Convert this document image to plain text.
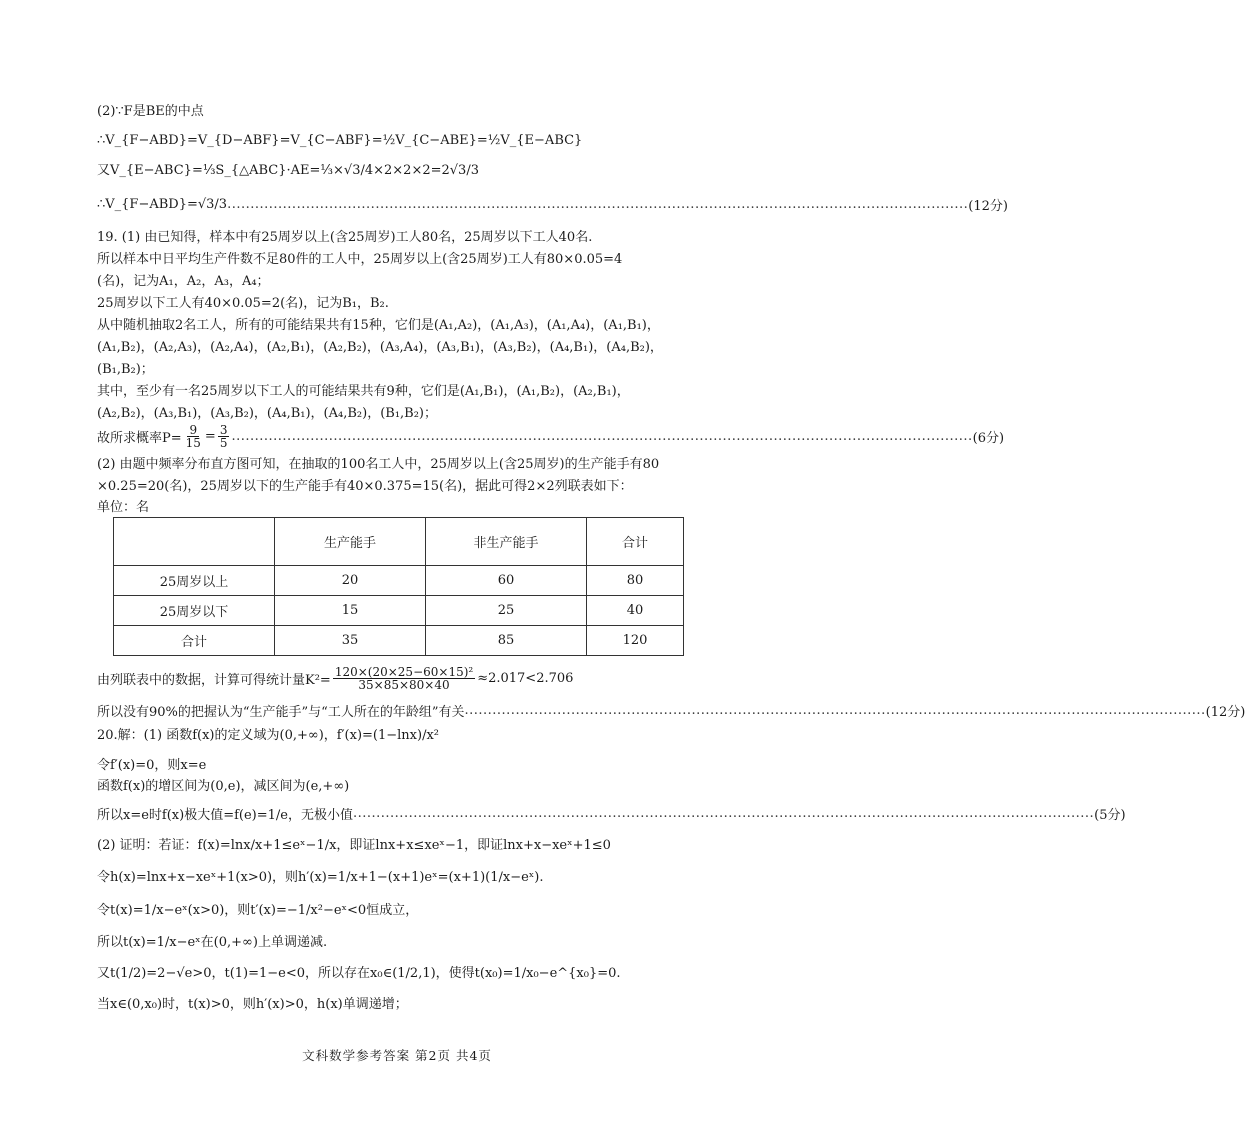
(2)∵F是BE的中点
∴V_{F−ABD}=V_{D−ABF}=V_{C−ABF}=½V_{C−ABE}=½V_{E−ABC}
又V_{E−ABC}=⅓S_{△ABC}·AE=⅓×√3/4×2×2×2=2√3/3
∴V_{F−ABD}=√3/3 ................................................................................................................................................................ (12分)
19. (1) 由已知得，样本中有25周岁以上(含25周岁)工人80名，25周岁以下工人40名.
所以样本中日平均生产件数不足80件的工人中，25周岁以上(含25周岁)工人有80×0.05=4
(名)，记为A₁，A₂，A₃，A₄；
25周岁以下工人有40×0.05=2(名)，记为B₁，B₂.
从中随机抽取2名工人，所有的可能结果共有15种，它们是(A₁,A₂)，(A₁,A₃)，(A₁,A₄)，(A₁,B₁)，
(A₁,B₂)，(A₂,A₃)，(A₂,A₄)，(A₂,B₁)，(A₂,B₂)，(A₃,A₄)，(A₃,B₁)，(A₃,B₂)，(A₄,B₁)，(A₄,B₂)，
(B₁,B₂)；
其中，至少有一名25周岁以下工人的可能结果共有9种，它们是(A₁,B₁)，(A₁,B₂)，(A₂,B₁)，
(A₂,B₂)，(A₃,B₁)，(A₃,B₂)，(A₄,B₁)，(A₄,B₂)，(B₁,B₂)；
故所求概率$P= \frac{9}{15} = \frac{3}{5}$ ................................................................................................................................................................ (6分)
(2) 由题中频率分布直方图可知，在抽取的100名工人中，25周岁以上(含25周岁)的生产能手有80
×0.25=20(名)，25周岁以下的生产能手有40×0.375=15(名)，据此可得2×2列联表如下：
单位：名
	生产能手	非生产能手	合计
25周岁以上	20	60	80
25周岁以下	15	25	40
合计	35	85	120
由列联表中的数据，计算可得统计量$K^2= \frac{\text{120×(20×25−60×15)²}}{35\times 85\times 80\times 40} \approx 2.017<2.706$
所以没有90%的把握认为“生产能手”与“工人所在的年龄组”有关 ................................................................................................................................................................ (12分)
20.解：(1) 函数f(x)的定义域为(0,+∞)，f′(x)=(1−lnx)/x²
令f′(x)=0，则x=e
函数f(x)的增区间为(0,e)，减区间为(e,+∞)
所以x=e时f(x)极大值=f(e)=1/e，无极小值 ................................................................................................................................................................ (5分)
(2) 证明：若证：f(x)=lnx/x+1≤eˣ−1/x，即证lnx+x≤xeˣ−1，即证lnx+x−xeˣ+1≤0
令h(x)=lnx+x−xeˣ+1(x>0)，则h′(x)=1/x+1−(x+1)eˣ=(x+1)(1/x−eˣ).
令t(x)=1/x−eˣ(x>0)，则t′(x)=−1/x²−eˣ<0恒成立，
所以t(x)=1/x−eˣ在(0,+∞)上单调递减.
又t(1/2)=2−√e>0，t(1)=1−e<0，所以存在x₀∈(1/2,1)，使得t(x₀)=1/x₀−e^{x₀}=0.
当x∈(0,x₀)时，t(x)>0，则h′(x)>0，h(x)单调递增；
文科数学参考答案 第2页 共4页
